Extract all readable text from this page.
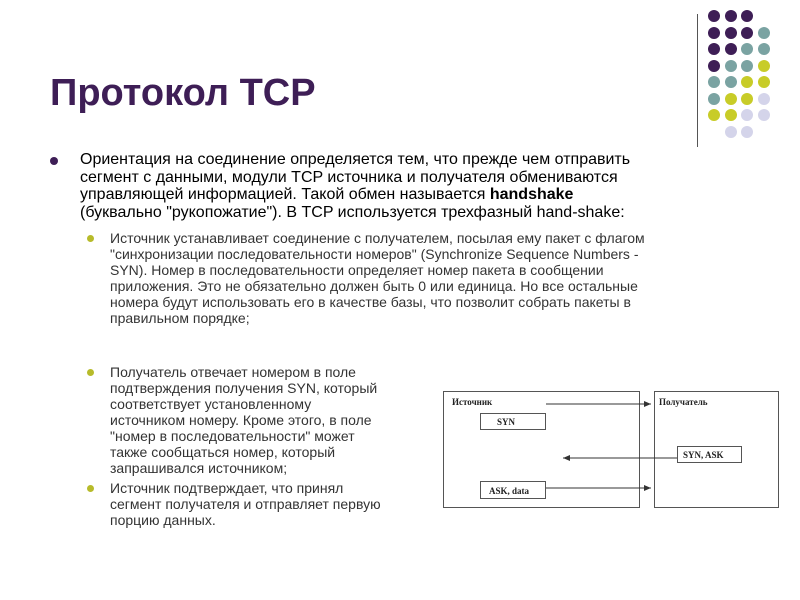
Протокол TCP
Ориентация на соединение определяется тем, что прежде чем отправить
сегмент с данными, модули TCP источника и получателя обмениваются
управляющей информацией. Такой обмен называется handshake
(буквально "рукопожатие"). В TCP используется трехфазный hand-shake:
Источник устанавливает соединение с получателем, посылая ему пакет с флагом
"синхронизации последовательности номеров" (Synchronize Sequence Numbers -
SYN). Номер в последовательности определяет номер пакета в сообщении
приложения. Это не обязательно должен быть 0 или единица. Но все остальные
номера будут использовать его в качестве базы, что позволит собрать пакеты в
правильном порядке;
Получатель отвечает номером в поле
подтверждения получения SYN, который
соответствует установленному
источником номеру. Кроме этого, в поле
"номер в последовательности" может
также сообщаться номер, который
запрашивался источником;
Источник подтверждает, что принял
сегмент получателя и отправляет первую
порцию данных.
Источник	Получатель
SYN
SYN, ASK
ASK, data
